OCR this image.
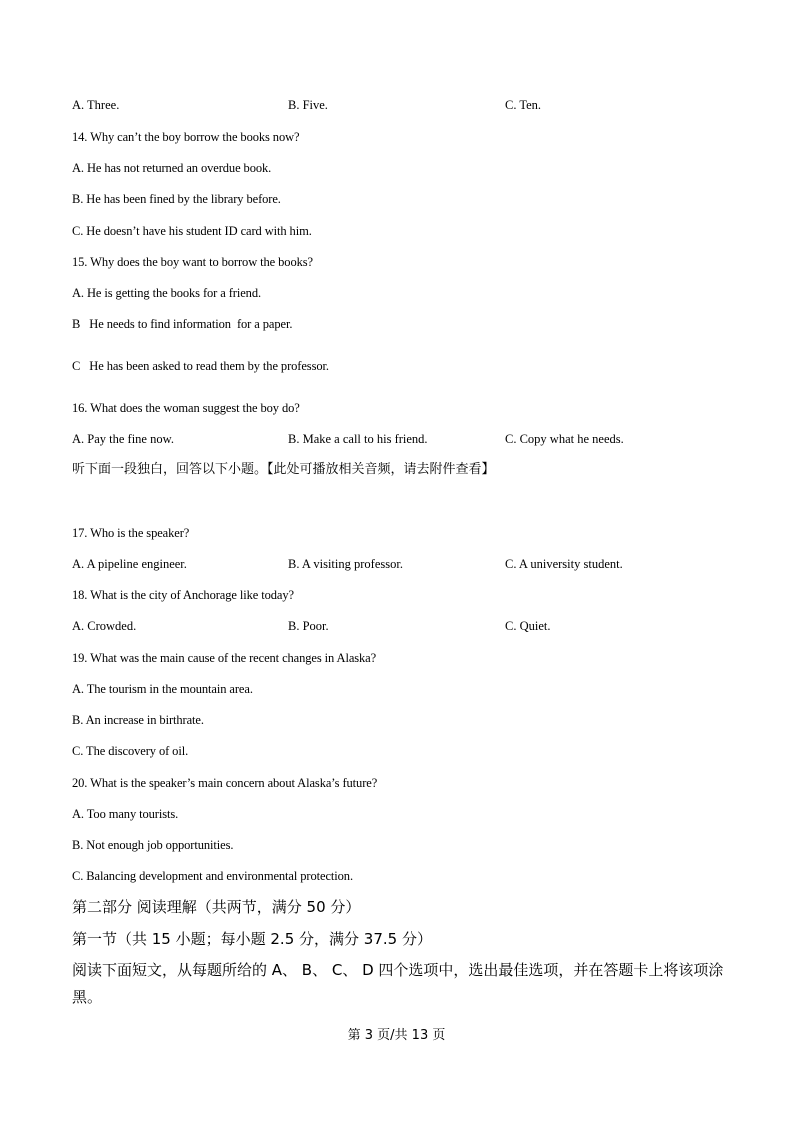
A. Three.	B. Five.	C. Ten.
14. Why can’t the boy borrow the books now?
A. He has not returned an overdue book.
B. He has been fined by the library before.
C. He doesn’t have his student ID card with him.
15. Why does the boy want to borrow the books?
A. He is getting the books for a friend.
B   He needs to find information  for a paper.
C   He has been asked to read them by the professor.
16. What does the woman suggest the boy do?
A. Pay the fine now.	B. Make a call to his friend.	C. Copy what he needs.
听下面一段独白，回答以下小题。【此处可播放相关音频，请去附件查看】
17. Who is the speaker?
A. A pipeline engineer.	B. A visiting professor.	C. A university student.
18. What is the city of Anchorage like today?
A. Crowded.	B. Poor.	C. Quiet.
19. What was the main cause of the recent changes in Alaska?
A. The tourism in the mountain area.
B. An increase in birthrate.
C. The discovery of oil.
20. What is the speaker’s main concern about Alaska’s future?
A. Too many tourists.
B. Not enough job opportunities.
C. Balancing development and environmental protection.
第二部分 阅读理解（共两节，满分 50 分）
第一节（共 15 小题；每小题 2.5 分，满分 37.5 分）
阅读下面短文，从每题所给的 A、 B、 C、 D 四个选项中，选出最佳选项，并在答题卡上将该项涂黑。
第 3 页/共 13 页
